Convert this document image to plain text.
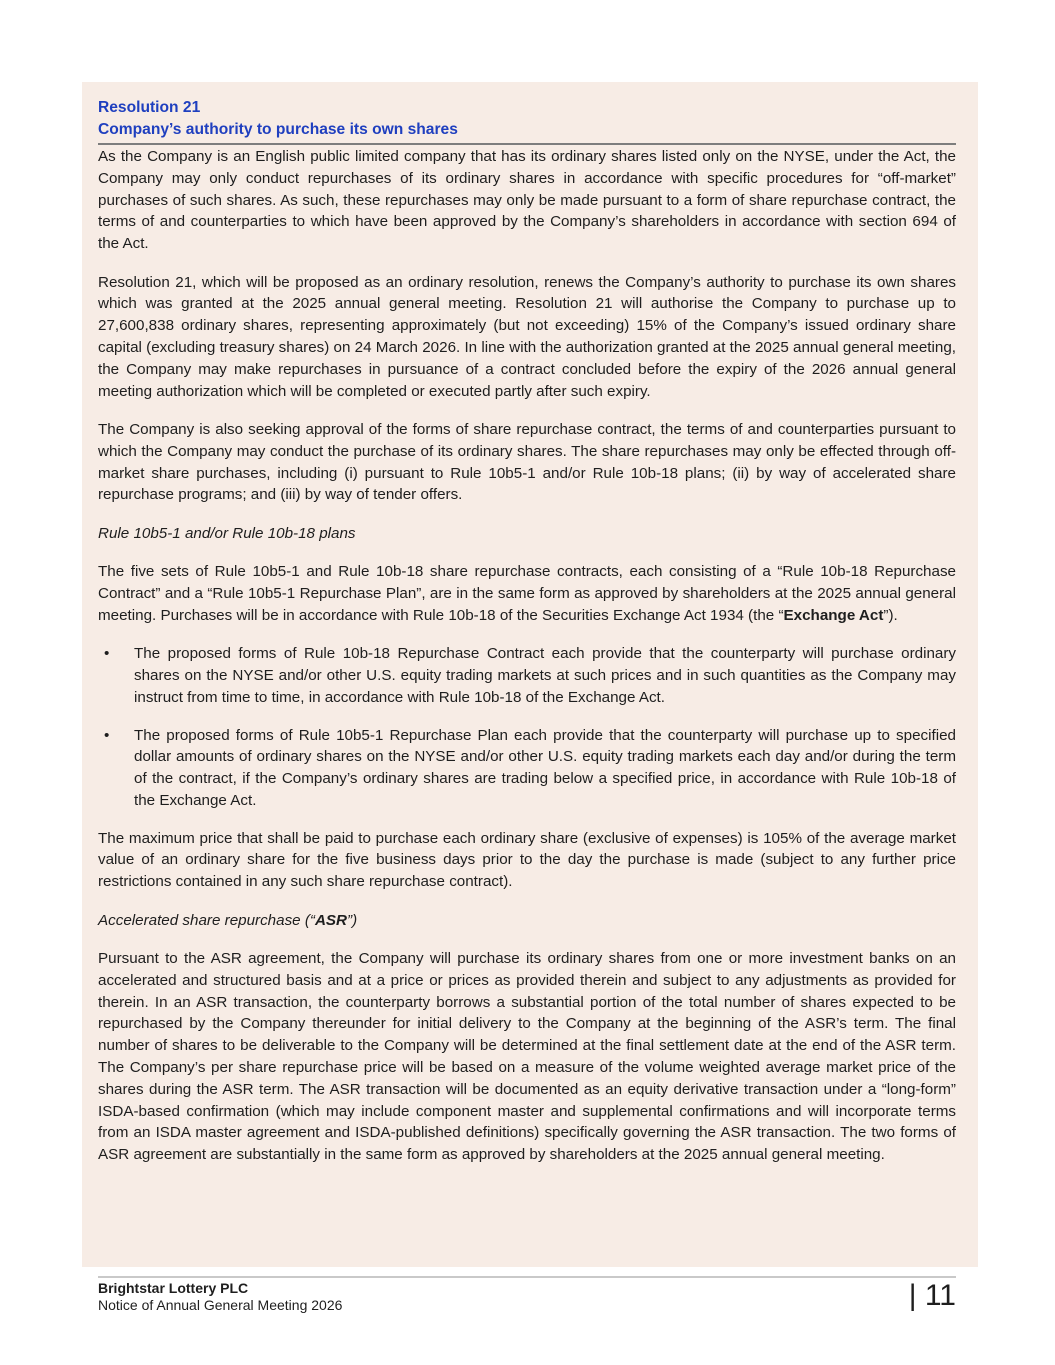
Resolution 21
Company’s authority to purchase its own shares

As the Company is an English public limited company that has its ordinary shares listed only on the NYSE, under the Act, the Company may only conduct repurchases of its ordinary shares in accordance with specific procedures for “off-market” purchases of such shares. As such, these repurchases may only be made pursuant to a form of share repurchase contract, the terms of and counterparties to which have been approved by the Company’s shareholders in accordance with section 694 of the Act.

Resolution 21, which will be proposed as an ordinary resolution, renews the Company’s authority to purchase its own shares which was granted at the 2025 annual general meeting. Resolution 21 will authorise the Company to purchase up to 27,600,838 ordinary shares, representing approximately (but not exceeding) 15% of the Company’s issued ordinary share capital (excluding treasury shares) on 24 March 2026. In line with the authorization granted at the 2025 annual general meeting, the Company may make repurchases in pursuance of a contract concluded before the expiry of the 2026 annual general meeting authorization which will be completed or executed partly after such expiry.

The Company is also seeking approval of the forms of share repurchase contract, the terms of and counterparties pursuant to which the Company may conduct the purchase of its ordinary shares. The share repurchases may only be effected through off-market share purchases, including (i) pursuant to Rule 10b5-1 and/or Rule 10b-18 plans; (ii) by way of accelerated share repurchase programs; and (iii) by way of tender offers.

Rule 10b5-1 and/or Rule 10b-18 plans

The five sets of Rule 10b5-1 and Rule 10b-18 share repurchase contracts, each consisting of a “Rule 10b-18 Repurchase Contract” and a “Rule 10b5-1 Repurchase Plan”, are in the same form as approved by shareholders at the 2025 annual general meeting. Purchases will be in accordance with Rule 10b-18 of the Securities Exchange Act 1934 (the “Exchange Act”).

• The proposed forms of Rule 10b-18 Repurchase Contract each provide that the counterparty will purchase ordinary shares on the NYSE and/or other U.S. equity trading markets at such prices and in such quantities as the Company may instruct from time to time, in accordance with Rule 10b-18 of the Exchange Act.
• The proposed forms of Rule 10b5-1 Repurchase Plan each provide that the counterparty will purchase up to specified dollar amounts of ordinary shares on the NYSE and/or other U.S. equity trading markets each day and/or during the term of the contract, if the Company’s ordinary shares are trading below a specified price, in accordance with Rule 10b-18 of the Exchange Act.

The maximum price that shall be paid to purchase each ordinary share (exclusive of expenses) is 105% of the average market value of an ordinary share for the five business days prior to the day the purchase is made (subject to any further price restrictions contained in any such share repurchase contract).

Accelerated share repurchase (“ASR”)

Pursuant to the ASR agreement, the Company will purchase its ordinary shares from one or more investment banks on an accelerated and structured basis and at a price or prices as provided therein and subject to any adjustments as provided for therein. In an ASR transaction, the counterparty borrows a substantial portion of the total number of shares expected to be repurchased by the Company thereunder for initial delivery to the Company at the beginning of the ASR’s term. The final number of shares to be deliverable to the Company will be determined at the final settlement date at the end of the ASR term. The Company’s per share repurchase price will be based on a measure of the volume weighted average market price of the shares during the ASR term. The ASR transaction will be documented as an equity derivative transaction under a “long-form” ISDA-based confirmation (which may include component master and supplemental confirmations and will incorporate terms from an ISDA master agreement and ISDA-published definitions) specifically governing the ASR transaction. The two forms of ASR agreement are substantially in the same form as approved by shareholders at the 2025 annual general meeting.

Brightstar Lottery PLC
Notice of Annual General Meeting 2026	| 11
